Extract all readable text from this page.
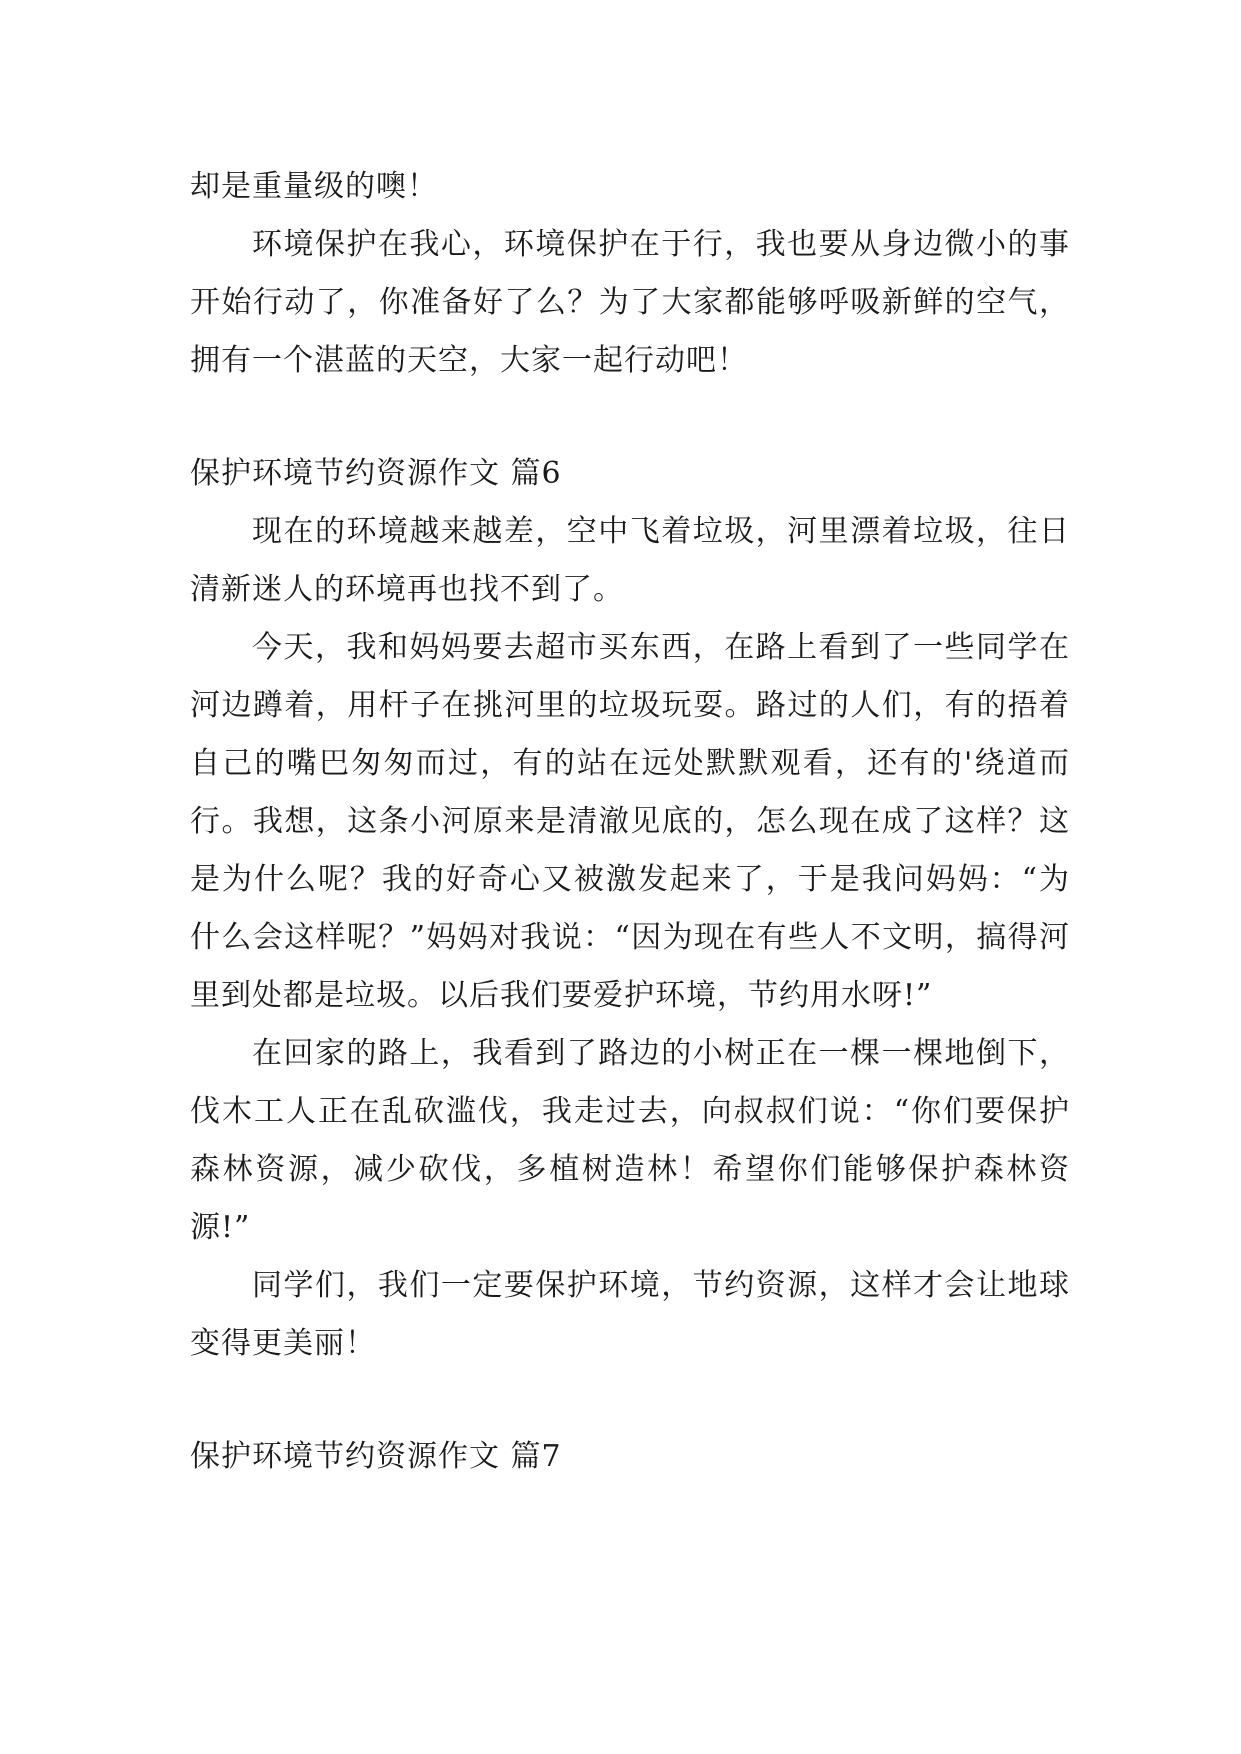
却是重量级的噢！

环境保护在我心，环境保护在于行，我也要从身边微小的事开始行动了，你准备好了么？为了大家都能够呼吸新鲜的空气，拥有一个湛蓝的天空，大家一起行动吧！

保护环境节约资源作文 篇6

现在的环境越来越差，空中飞着垃圾，河里漂着垃圾，往日清新迷人的环境再也找不到了。

今天，我和妈妈要去超市买东西，在路上看到了一些同学在河边蹲着，用杆子在挑河里的垃圾玩耍。路过的人们，有的捂着自己的嘴巴匆匆而过，有的站在远处默默观看，还有的'绕道而行。我想，这条小河原来是清澈见底的，怎么现在成了这样？这是为什么呢？我的好奇心又被激发起来了，于是我问妈妈：“为什么会这样呢？”妈妈对我说：“因为现在有些人不文明，搞得河里到处都是垃圾。以后我们要爱护环境，节约用水呀!”

在回家的路上，我看到了路边的小树正在一棵一棵地倒下，伐木工人正在乱砍滥伐，我走过去，向叔叔们说：“你们要保护森林资源，减少砍伐，多植树造林！希望你们能够保护森林资源!”

同学们，我们一定要保护环境，节约资源，这样才会让地球变得更美丽！

保护环境节约资源作文 篇7
